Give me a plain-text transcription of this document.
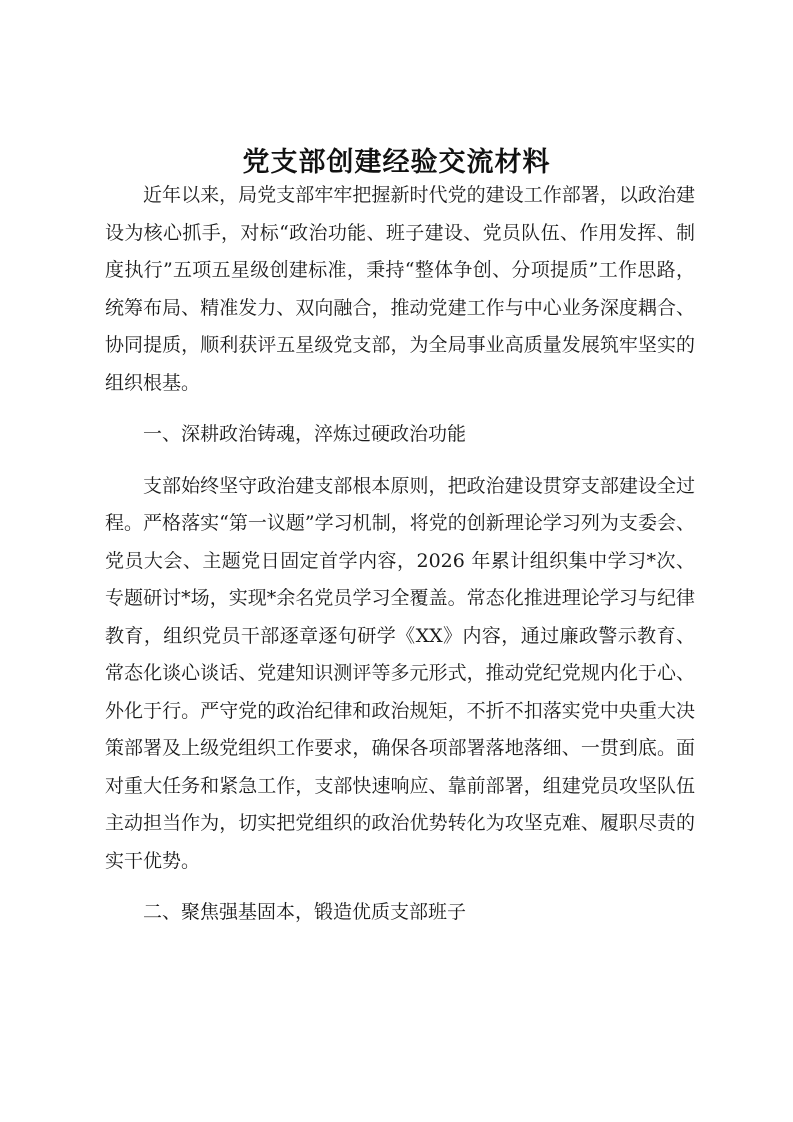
党支部创建经验交流材料

近年以来，局党支部牢牢把握新时代党的建设工作部署，以政治建设为核心抓手，对标“政治功能、班子建设、党员队伍、作用发挥、制度执行”五项五星级创建标准，秉持“整体争创、分项提质”工作思路，统筹布局、精准发力、双向融合，推动党建工作与中心业务深度耦合、协同提质，顺利获评五星级党支部，为全局事业高质量发展筑牢坚实的组织根基。

一、深耕政治铸魂，淬炼过硬政治功能

支部始终坚守政治建支部根本原则，把政治建设贯穿支部建设全过程。严格落实“第一议题”学习机制，将党的创新理论学习列为支委会、党员大会、主题党日固定首学内容，2026 年累计组织集中学习*次、专题研讨*场，实现*余名党员学习全覆盖。常态化推进理论学习与纪律教育，组织党员干部逐章逐句研学《XX》内容，通过廉政警示教育、常态化谈心谈话、党建知识测评等多元形式，推动党纪党规内化于心、外化于行。严守党的政治纪律和政治规矩，不折不扣落实党中央重大决策部署及上级党组织工作要求，确保各项部署落地落细、一贯到底。面对重大任务和紧急工作，支部快速响应、靠前部署，组建党员攻坚队伍主动担当作为，切实把党组织的政治优势转化为攻坚克难、履职尽责的实干优势。

二、聚焦强基固本，锻造优质支部班子
